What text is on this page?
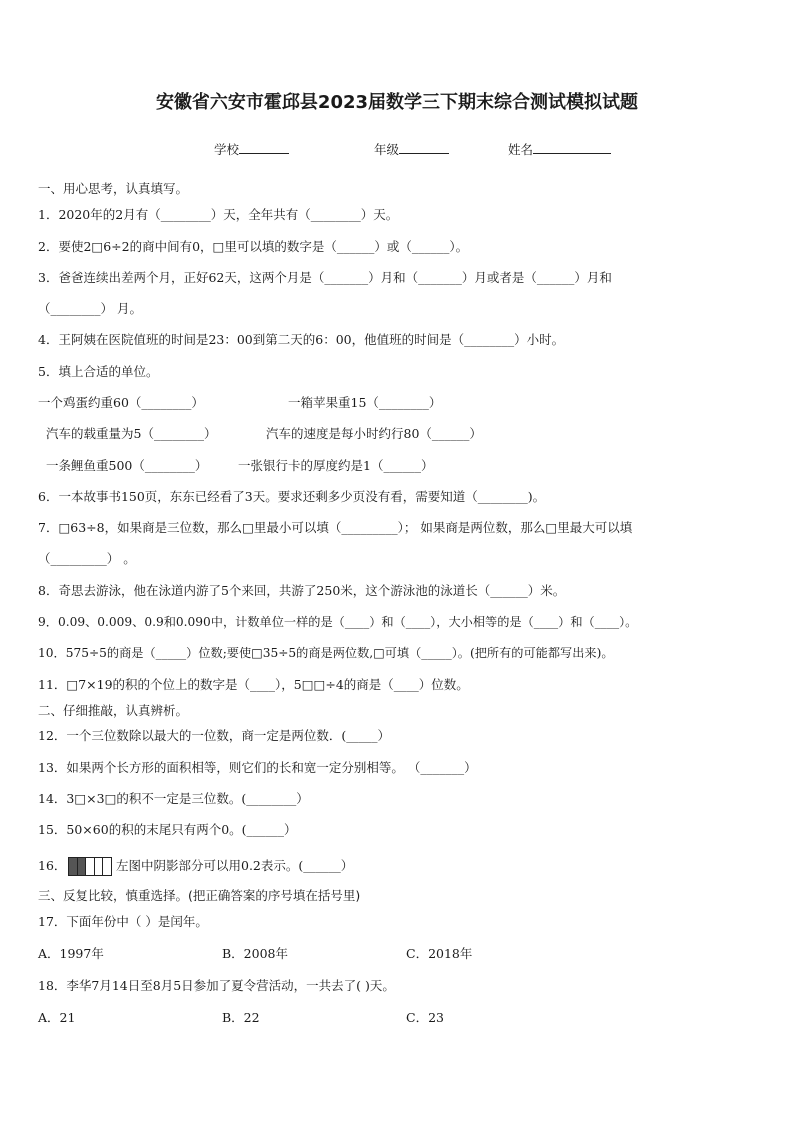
安徽省六安市霍邱县2023届数学三下期末综合测试模拟试题
学校	年级	姓名
一、用心思考，认真填写。
1．2020年的2月有（________）天，全年共有（________）天。
2．要使2□6÷2的商中间有0，□里可以填的数字是（______）或（______）。
3．爸爸连续出差两个月，正好62天，这两个月是（_______）月和（_______）月或者是（______）月和
（________） 月。
4．王阿姨在医院值班的时间是23：00到第二天的6：00，他值班的时间是（________）小时。
5．填上合适的单位。
一个鸡蛋约重60（________）	一箱苹果重15（________）
汽车的载重量为5（________）	汽车的速度是每小时约行80（______）
一条鲤鱼重500（________） 一张银行卡的厚度约是1（______）
6．一本故事书150页，东东已经看了3天。要求还剩多少页没有看，需要知道（________)。
7．□63÷8，如果商是三位数，那么□里最小可以填（_________）； 如果商是两位数，那么□里最大可以填
（_________） 。
8．奇思去游泳，他在泳道内游了5个来回，共游了250米，这个游泳池的泳道长（______）米。
9．0.09、0.009、0.9和0.090中，计数单位一样的是（____）和（____），大小相等的是（____）和（____）。
10．575÷5的商是（_____）位数;要使□35÷5的商是两位数,□可填（_____）。(把所有的可能都写出来)。
11．□7×19的积的个位上的数字是（____），5□□÷4的商是（____）位数。
二、仔细推敲，认真辨析。
12．一个三位数除以最大的一位数，商一定是两位数．(_____）
13．如果两个长方形的面积相等，则它们的长和宽一定分别相等。 （_______）
14．3□×3□的积不一定是三位数。(________）
15．50×60的积的末尾只有两个0。(______）
16．	左图中阴影部分可以用0.2表示。(______）
三、反复比较，慎重选择。(把正确答案的序号填在括号里)
17．下面年份中（ ）是闰年。
A．1997年	B．2008年	C．2018年
18．李华7月14日至8月5日参加了夏令营活动，一共去了( )天。
A．21	B．22	C．23
